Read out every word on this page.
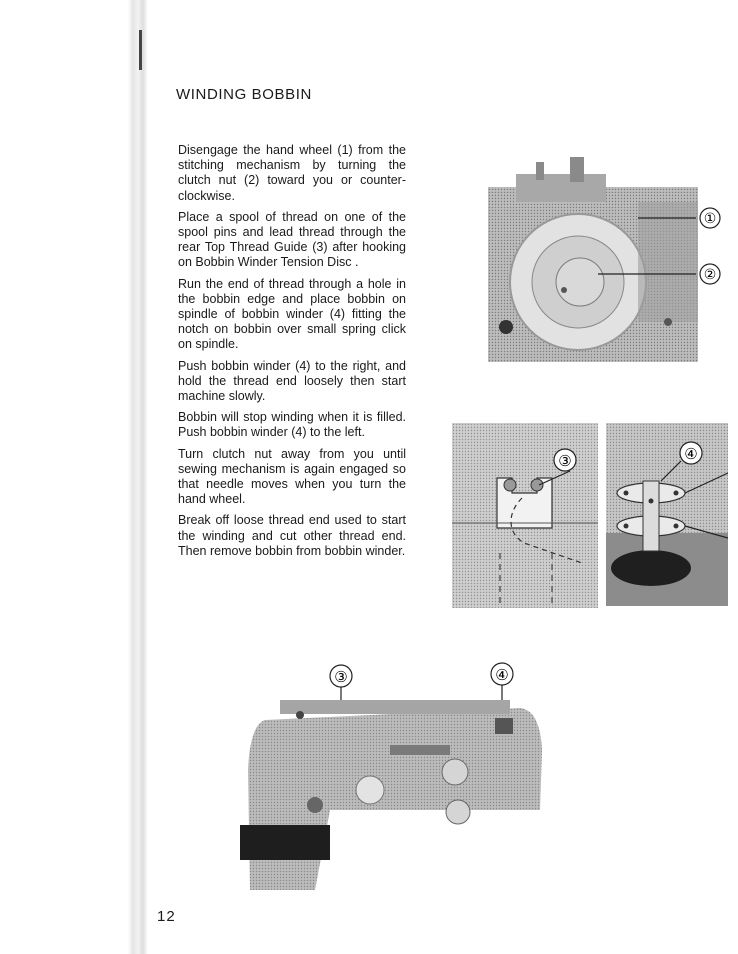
WINDING BOBBIN

Disengage the hand wheel (1) from the stitching mechanism by turning the clutch nut (2) toward you or counter-clockwise.

Place a spool of thread on one of the spool pins and lead thread through the rear Top Thread Guide (3) after hooking on Bobbin Winder Tension Disc .

Run the end of thread through a hole in the bobbin edge and place bobbin on spindle of bobbin winder (4) fitting the notch on bobbin over small spring click on spindle.

Push bobbin winder (4) to the right, and hold the thread end loosely then start machine slowly.

Bobbin will stop winding when it is filled. Push bobbin winder (4) to the left.

Turn clutch nut away from you until sewing mechanism is again engaged so that needle moves when you turn the hand wheel.

Break off loose thread end used to start the winding and cut other thread end. Then remove bobbin from bobbin winder.

①
②
③	④
③	④
12
